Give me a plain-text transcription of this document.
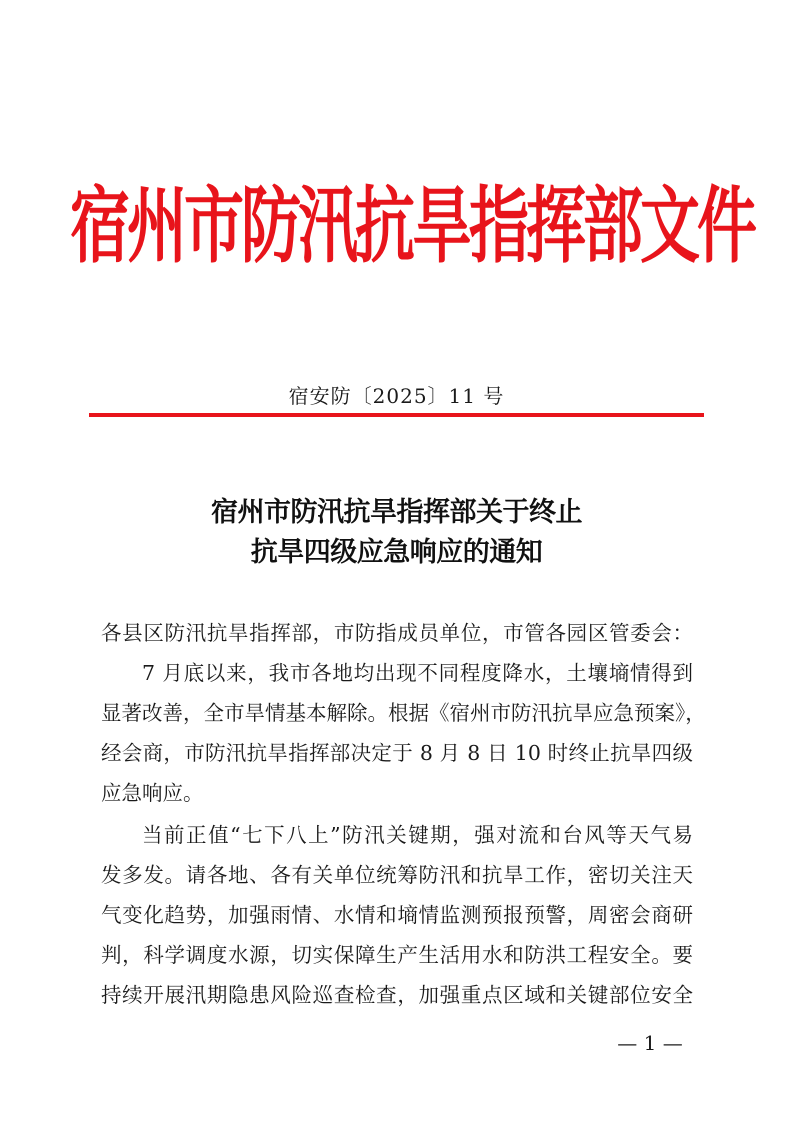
宿州市防汛抗旱指挥部文件
宿安防〔2025〕11 号
宿州市防汛抗旱指挥部关于终止
抗旱四级应急响应的通知
各县区防汛抗旱指挥部，市防指成员单位，市管各园区管委会：
7 月底以来，我市各地均出现不同程度降水，土壤墒情得到
显著改善，全市旱情基本解除。根据《宿州市防汛抗旱应急预案》，
经会商，市防汛抗旱指挥部决定于 8 月 8 日 10 时终止抗旱四级
应急响应。
当前正值“七下八上”防汛关键期，强对流和台风等天气易
发多发。请各地、各有关单位统筹防汛和抗旱工作，密切关注天
气变化趋势，加强雨情、水情和墒情监测预报预警，周密会商研
判，科学调度水源，切实保障生产生活用水和防洪工程安全。要
持续开展汛期隐患风险巡查检查，加强重点区域和关键部位安全
— 1 —
